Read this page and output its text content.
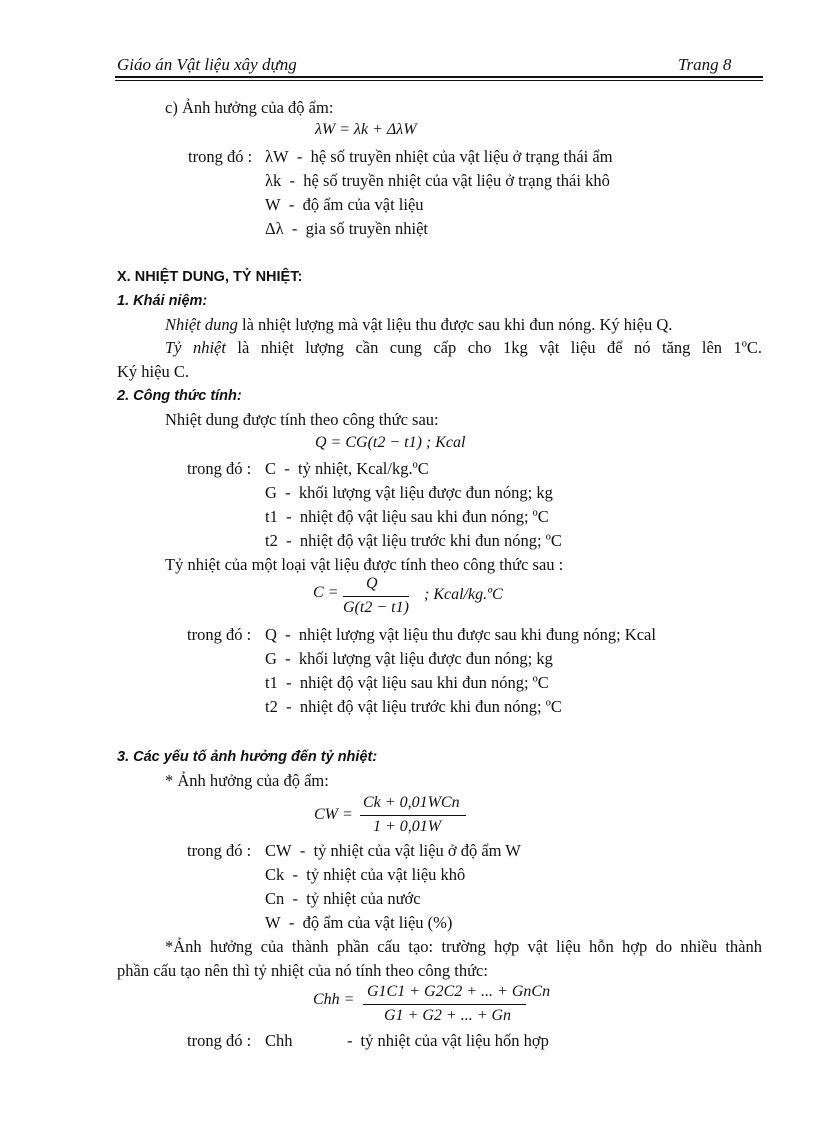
Giáo án Vật liệu xây dựng	Trang 8
c) Ảnh hưởng của độ ẩm:
λW = λk + ΔλW
trong đó : λW - hệ số truyền nhiệt của vật liệu ở trạng thái ẩm
λk - hệ số truyền nhiệt của vật liệu ở trạng thái khô
W - độ ẩm của vật liệu
Δλ - gia số truyền nhiệt
X. NHIỆT DUNG, TỶ NHIỆT:
1. Khái niệm:
Nhiệt dung là nhiệt lượng mà vật liệu thu được sau khi đun nóng. Ký hiệu Q.
Tỷ nhiệt là nhiệt lượng cần cung cấp cho 1kg vật liệu để nó tăng lên 1ºC.
Ký hiệu C.
2. Công thức tính:
Nhiệt dung được tính theo công thức sau:
Q = CG(t2 − t1) ; Kcal
trong đó : C - tỷ nhiệt, Kcal/kg.ºC
G - khối lượng vật liệu được đun nóng; kg
t1 - nhiệt độ vật liệu sau khi đun nóng; ºC
t2 - nhiệt độ vật liệu trước khi đun nóng; ºC
Tỷ nhiệt của một loại vật liệu được tính theo công thức sau :
C =
Q
G(t2 − t1)
; Kcal/kg.ºC
trong đó : Q - nhiệt lượng vật liệu thu được sau khi đung nóng; Kcal
G - khối lượng vật liệu được đun nóng; kg
t1 - nhiệt độ vật liệu sau khi đun nóng; ºC
t2 - nhiệt độ vật liệu trước khi đun nóng; ºC
3. Các yếu tố ảnh hưởng đến tỷ nhiệt:
* Ảnh hưởng của độ ẩm:
CW =
Ck + 0,01WCn
1 + 0,01W
trong đó : CW - tỷ nhiệt của vật liệu ở độ ẩm W
Ck - tỷ nhiệt của vật liệu khô
Cn - tỷ nhiệt của nước
W - độ ẩm của vật liệu (%)
*Ảnh hưởng của thành phần cấu tạo: trường hợp vật liệu hỗn hợp do nhiều thành
phần cấu tạo nên thì tỷ nhiệt của nó tính theo công thức:
Chh = G1C1 + G2C2 + ... + GnCn
G1 + G2 + ... + Gn
trong đó : Chh	- tỷ nhiệt của vật liệu hốn hợp
